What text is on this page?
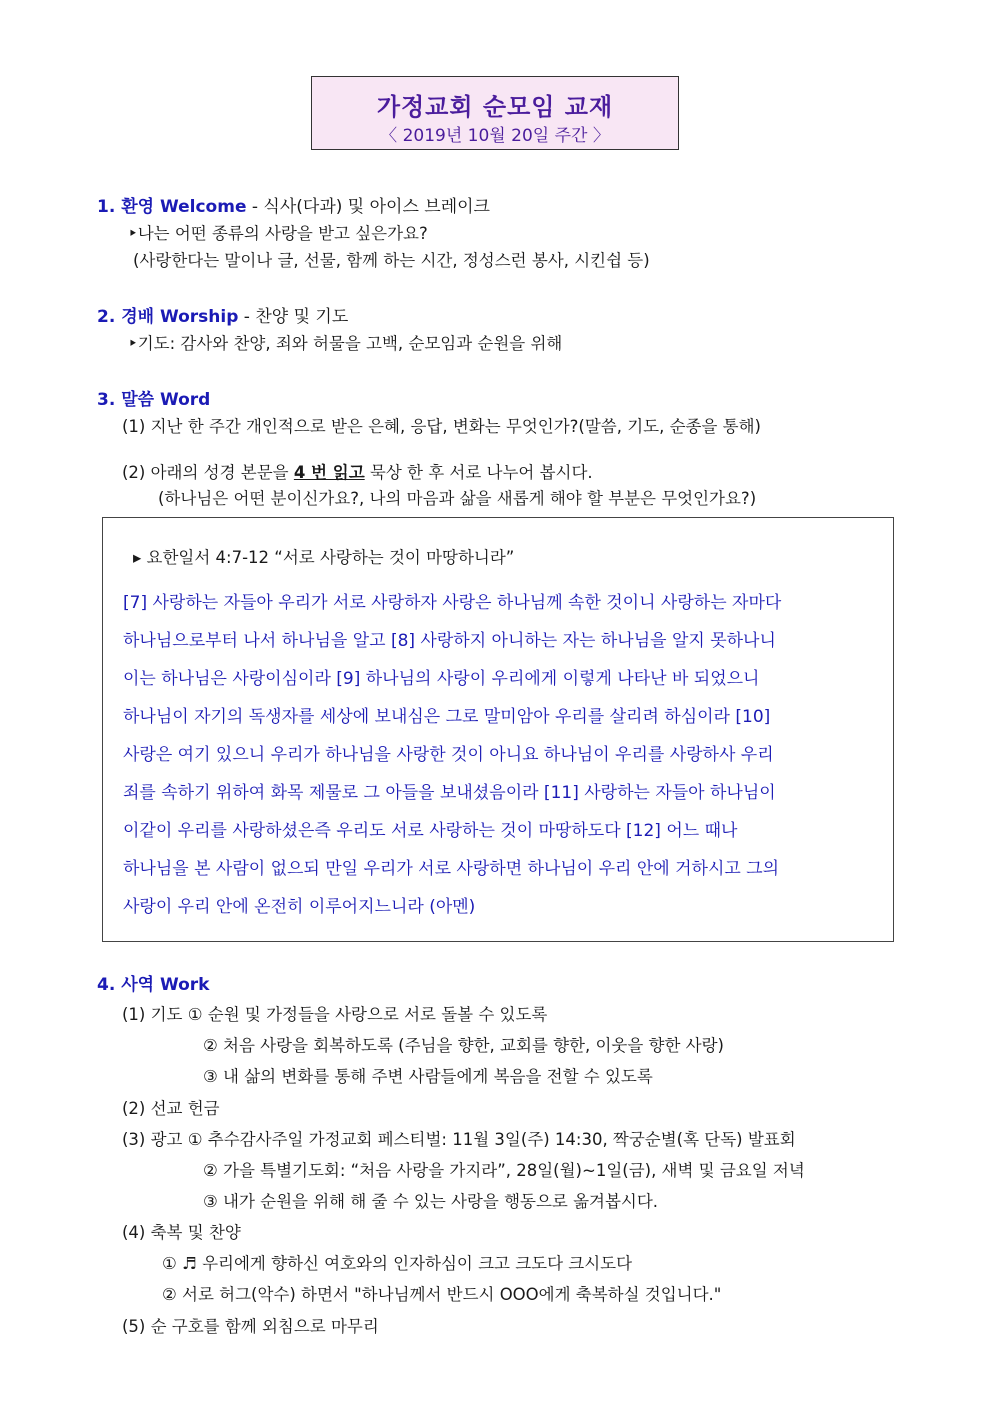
가정교회 순모임 교재
〈 2019년 10월 20일 주간 〉
1. 환영 Welcome - 식사(다과) 및 아이스 브레이크
‣나는 어떤 종류의 사랑을 받고 싶은가요?
(사랑한다는 말이나 글, 선물, 함께 하는 시간, 정성스런 봉사, 시킨쉽 등)
2. 경배 Worship - 찬양 및 기도
‣기도: 감사와 찬양, 죄와 허물을 고백, 순모임과 순원을 위해
3. 말씀 Word
(1) 지난 한 주간 개인적으로 받은 은혜, 응답, 변화는 무엇인가?(말씀, 기도, 순종을 통해)
(2) 아래의 성경 본문을 4 번 읽고 묵상 한 후 서로 나누어 봅시다.
(하나님은 어떤 분이신가요?, 나의 마음과 삶을 새롭게 해야 할 부분은 무엇인가요?)
▸ 요한일서 4:7-12 “서로 사랑하는 것이 마땅하니라”
[7] 사랑하는 자들아 우리가 서로 사랑하자 사랑은 하나님께 속한 것이니 사랑하는 자마다
하나님으로부터 나서 하나님을 알고 [8] 사랑하지 아니하는 자는 하나님을 알지 못하나니
이는 하나님은 사랑이심이라 [9] 하나님의 사랑이 우리에게 이렇게 나타난 바 되었으니
하나님이 자기의 독생자를 세상에 보내심은 그로 말미암아 우리를 살리려 하심이라 [10]
사랑은 여기 있으니 우리가 하나님을 사랑한 것이 아니요 하나님이 우리를 사랑하사 우리
죄를 속하기 위하여 화목 제물로 그 아들을 보내셨음이라 [11] 사랑하는 자들아 하나님이
이같이 우리를 사랑하셨은즉 우리도 서로 사랑하는 것이 마땅하도다 [12] 어느 때나
하나님을 본 사람이 없으되 만일 우리가 서로 사랑하면 하나님이 우리 안에 거하시고 그의
사랑이 우리 안에 온전히 이루어지느니라 (아멘)
4. 사역 Work
(1) 기도 ① 순원 및 가정들을 사랑으로 서로 돌볼 수 있도록
② 처음 사랑을 회복하도록 (주님을 향한, 교회를 향한, 이웃을 향한 사랑)
③ 내 삶의 변화를 통해 주변 사람들에게 복음을 전할 수 있도록
(2) 선교 헌금
(3) 광고 ① 추수감사주일 가정교회 페스티벌: 11월 3일(주) 14:30, 짝궁순별(혹 단독) 발표회
② 가을 특별기도회: “처음 사랑을 가지라”, 28일(월)~1일(금), 새벽 및 금요일 저녁
③ 내가 순원을 위해 해 줄 수 있는 사랑을 행동으로 옮겨봅시다.
(4) 축복 및 찬양
① ♬ 우리에게 향하신 여호와의 인자하심이 크고 크도다 크시도다
② 서로 허그(악수) 하면서 "하나님께서 반드시 OOO에게 축복하실 것입니다."
(5) 순 구호를 함께 외침으로 마무리
